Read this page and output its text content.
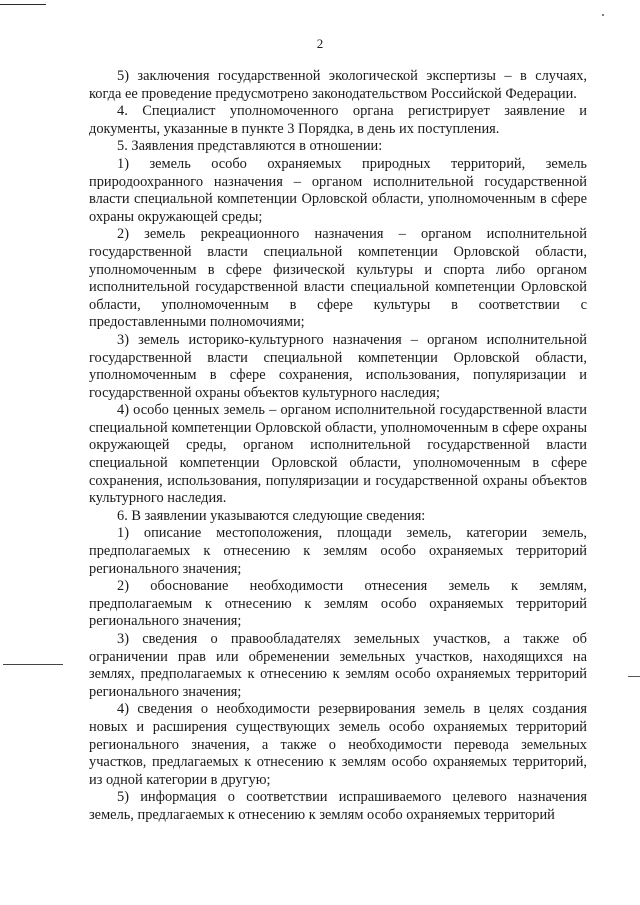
2

5) заключения государственной экологической экспертизы – в случаях, когда ее проведение предусмотрено законодательством Российской Федерации.

4. Специалист уполномоченного органа регистрирует заявление и документы, указанные в пункте 3 Порядка, в день их поступления.

5. Заявления представляются в отношении:

1) земель особо охраняемых природных территорий, земель природоохранного назначения – органом исполнительной государственной власти специальной компетенции Орловской области, уполномоченным в сфере охраны окружающей среды;

2) земель рекреационного назначения – органом исполнительной государственной власти специальной компетенции Орловской области, уполномоченным в сфере физической культуры и спорта либо органом исполнительной государственной власти специальной компетенции Орловской области, уполномоченным в сфере культуры в соответствии с предоставленными полномочиями;

3) земель историко-культурного назначения – органом исполнительной государственной власти специальной компетенции Орловской области, уполномоченным в сфере сохранения, использования, популяризации и государственной охраны объектов культурного наследия;

4) особо ценных земель – органом исполнительной государственной власти специальной компетенции Орловской области, уполномоченным в сфере охраны окружающей среды, органом исполнительной государственной власти специальной компетенции Орловской области, уполномоченным в сфере сохранения, использования, популяризации и государственной охраны объектов культурного наследия.

6. В заявлении указываются следующие сведения:

1) описание местоположения, площади земель, категории земель, предполагаемых к отнесению к землям особо охраняемых территорий регионального значения;

2) обоснование необходимости отнесения земель к землям, предполагаемым к отнесению к землям особо охраняемых территорий регионального значения;

3) сведения о правообладателях земельных участков, а также об ограничении прав или обременении земельных участков, находящихся на землях, предполагаемых к отнесению к землям особо охраняемых территорий регионального значения;

4) сведения о необходимости резервирования земель в целях создания новых и расширения существующих земель особо охраняемых территорий регионального значения, а также о необходимости перевода земельных участков, предлагаемых к отнесению к землям особо охраняемых территорий, из одной категории в другую;

5) информация о соответствии испрашиваемого целевого назначения земель, предлагаемых к отнесению к землям особо охраняемых территорий
